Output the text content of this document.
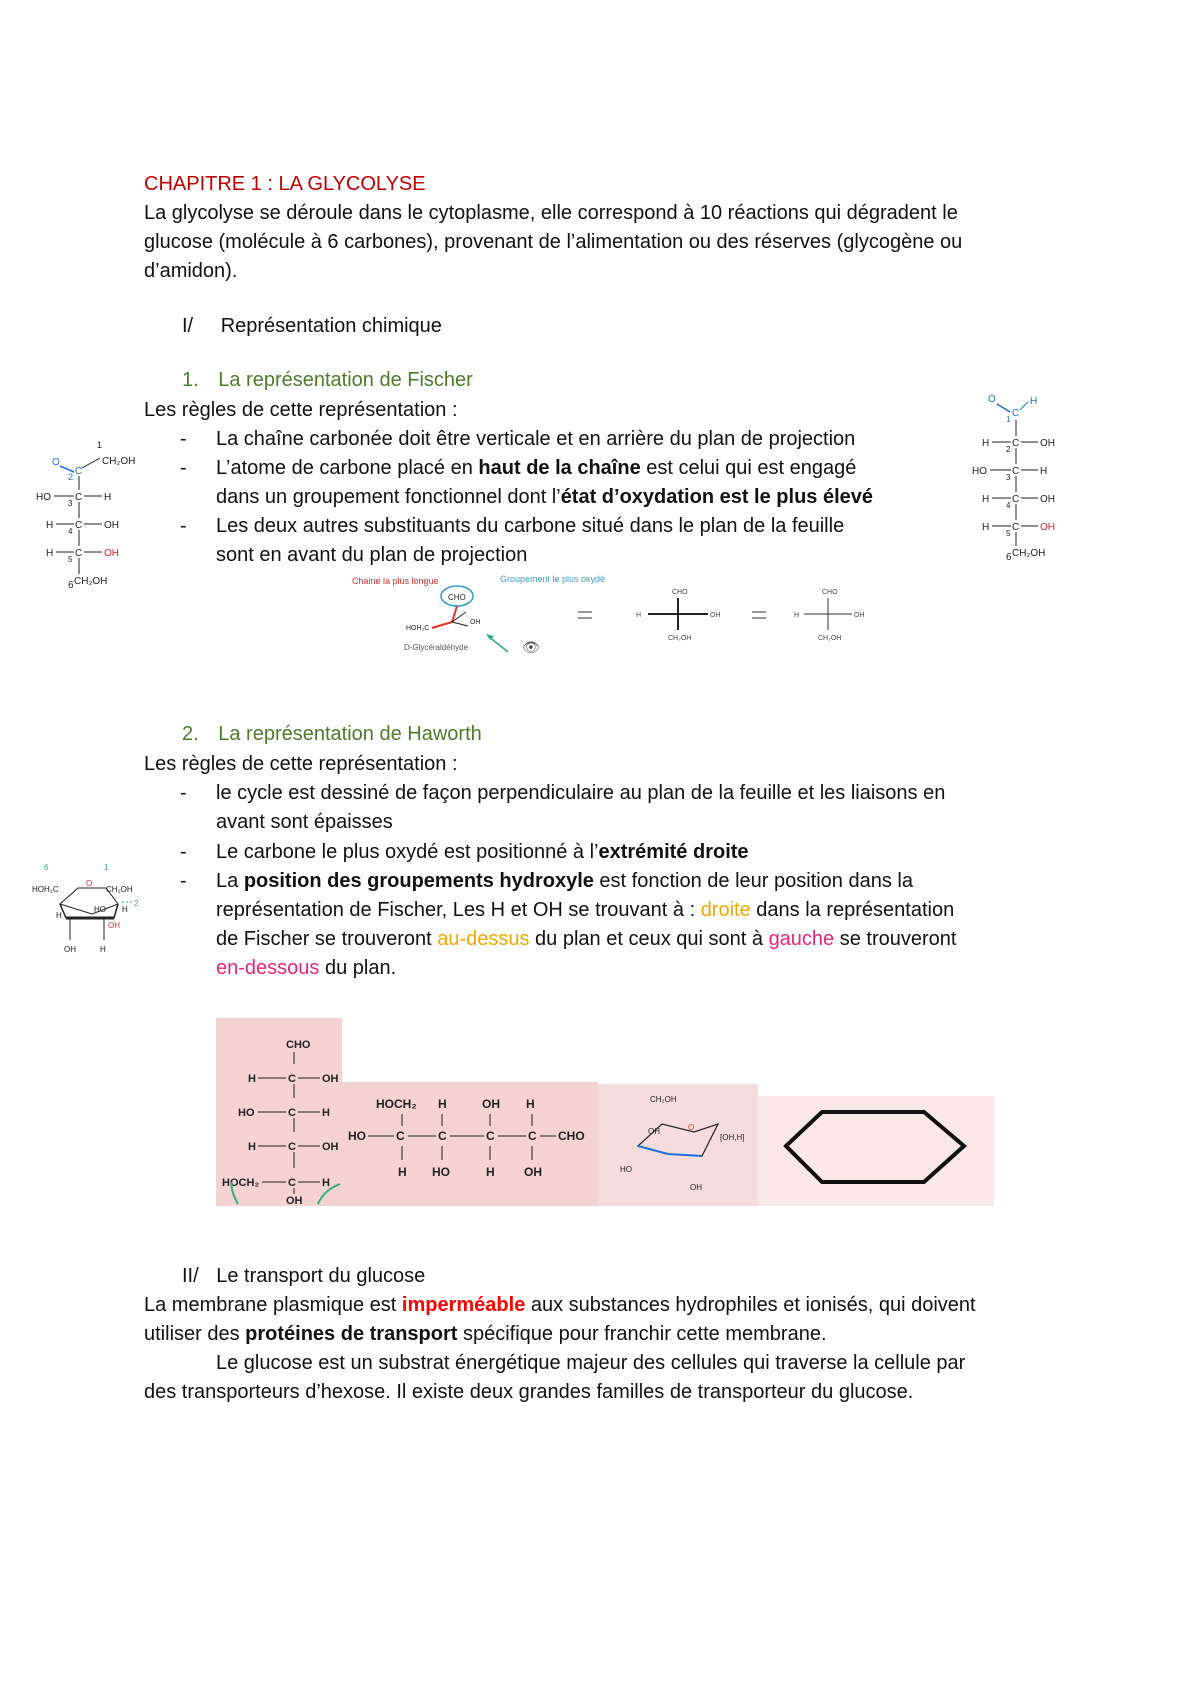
CHAPITRE 1 : LA GLYCOLYSE
La glycolyse se déroule dans le cytoplasme, elle correspond à 10 réactions qui dégradent le
glucose (molécule à 6 carbones), provenant de l’alimentation ou des réserves (glycogène ou
d’amidon).
I/ Représentation chimique
1. La représentation de Fischer
Les règles de cette représentation :
- La chaîne carbonée doit être verticale et en arrière du plan de projection
- L’atome de carbone placé en haut de la chaîne est celui qui est engagé
dans un groupement fonctionnel dont l’état d’oxydation est le plus élevé
- Les deux autres substituants du carbone situé dans le plan de la feuille
sont en avant du plan de projection
1
CH₂OH
O
2 C
HO C H
3
H C OH
4
H C OH
5
6 CH₂OH
O	H
C
1
H C OH
2
HO	C H
3
H C OH
4
H C OH
5
6 CH₂OH
Chaine la plus longue	Groupement le plus oxydé
CHO
OH
HOH₂C
D-Glycéraldéhyde	👁
CHO
H	OH
CH₂OH
CHO
H	OH
CH₂OH
2. La représentation de Haworth
Les règles de cette représentation :
- le cycle est dessiné de façon perpendiculaire au plan de la feuille et les liaisons en
avant sont épaisses
- Le carbone le plus oxydé est positionné à l’extrémité droite
- La position des groupements hydroxyle est fonction de leur position dans la
représentation de Fischer, Les H et OH se trouvant à : droite dans la représentation
de Fischer se trouveront au-dessus du plan et ceux qui sont à gauche se trouveront
en-dessous du plan.
6	1
HOH₂C	CH₂OH
2
O
H
HO H
OH
OH	H
CHO
H	C OH
HO	C H
H	C OH
HOCH₂	C H
OH
HOCH₂ H	OH H
HO	C	C	C	C CHO
H HO	H OH
CH₂OH
O
OH
HO
[OH,H]
OH
II/ Le transport du glucose
La membrane plasmique est imperméable aux substances hydrophiles et ionisés, qui doivent
utiliser des protéines de transport spécifique pour franchir cette membrane.
Le glucose est un substrat énergétique majeur des cellules qui traverse la cellule par
des transporteurs d’hexose. Il existe deux grandes familles de transporteur du glucose.
